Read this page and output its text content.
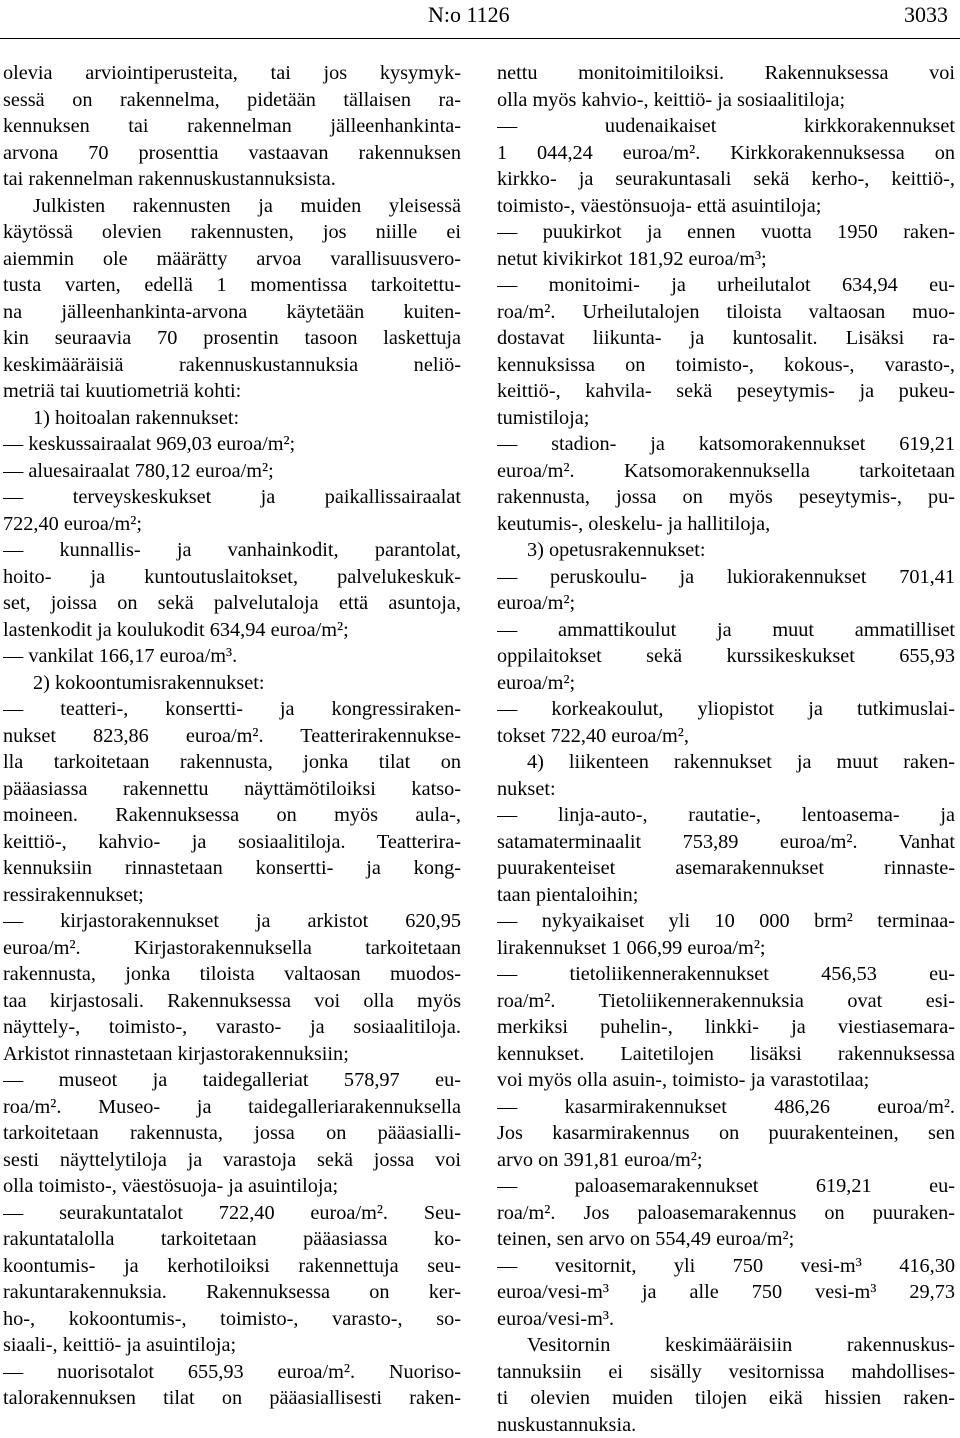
N:o 1126	3033
olevia arviointiperusteita, tai jos kysymyk-
sessä on rakennelma, pidetään tällaisen ra-
kennuksen tai rakennelman jälleenhankinta-
arvona 70 prosenttia vastaavan rakennuksen
tai rakennelman rakennuskustannuksista.
Julkisten rakennusten ja muiden yleisessä
käytössä olevien rakennusten, jos niille ei
aiemmin ole määrätty arvoa varallisuusvero-
tusta varten, edellä 1 momentissa tarkoitettu-
na jälleenhankinta-arvona käytetään kuiten-
kin seuraavia 70 prosentin tasoon laskettuja
keskimääräisiä rakennuskustannuksia neliö-
metriä tai kuutiometriä kohti:
1) hoitoalan rakennukset:
— keskussairaalat 969,03 euroa/m²;
— aluesairaalat 780,12 euroa/m²;
— terveyskeskukset ja paikallissairaalat
722,40 euroa/m²;
— kunnallis- ja vanhainkodit, parantolat,
hoito- ja kuntoutuslaitokset, palvelukeskuk-
set, joissa on sekä palvelutaloja että asuntoja,
lastenkodit ja koulukodit 634,94 euroa/m²;
— vankilat 166,17 euroa/m³.
2) kokoontumisrakennukset:
— teatteri-, konsertti- ja kongressiraken-
nukset 823,86 euroa/m². Teatterirakennukse-
lla tarkoitetaan rakennusta, jonka tilat on
pääasiassa rakennettu näyttämötiloiksi katso-
moineen. Rakennuksessa on myös aula-,
keittiö-, kahvio- ja sosiaalitiloja. Teatterira-
kennuksiin rinnastetaan konsertti- ja kong-
ressirakennukset;
— kirjastorakennukset ja arkistot 620,95
euroa/m². Kirjastorakennuksella tarkoitetaan
rakennusta, jonka tiloista valtaosan muodos-
taa kirjastosali. Rakennuksessa voi olla myös
näyttely-, toimisto-, varasto- ja sosiaalitiloja.
Arkistot rinnastetaan kirjastorakennuksiin;
— museot ja taidegalleriat 578,97 eu-
roa/m². Museo- ja taidegalleriarakennuksella
tarkoitetaan rakennusta, jossa on pääasialli-
sesti näyttelytiloja ja varastoja sekä jossa voi
olla toimisto-, väestösuoja- ja asuintiloja;
— seurakuntatalot 722,40 euroa/m². Seu-
rakuntatalolla tarkoitetaan pääasiassa ko-
koontumis- ja kerhotiloiksi rakennettuja seu-
rakuntarakennuksia. Rakennuksessa on ker-
ho-, kokoontumis-, toimisto-, varasto-, so-
siaali-, keittiö- ja asuintiloja;
— nuorisotalot 655,93 euroa/m². Nuoriso-
talorakennuksen tilat on pääasiallisesti raken-
nettu monitoimitiloiksi. Rakennuksessa voi
olla myös kahvio-, keittiö- ja sosiaalitiloja;
— uudenaikaiset kirkkorakennukset
1 044,24 euroa/m². Kirkkorakennuksessa on
kirkko- ja seurakuntasali sekä kerho-, keittiö-,
toimisto-, väestönsuoja- että asuintiloja;
— puukirkot ja ennen vuotta 1950 raken-
netut kivikirkot 181,92 euroa/m³;
— monitoimi- ja urheilutalot 634,94 eu-
roa/m². Urheilutalojen tiloista valtaosan muo-
dostavat liikunta- ja kuntosalit. Lisäksi ra-
kennuksissa on toimisto-, kokous-, varasto-,
keittiö-, kahvila- sekä peseytymis- ja pukeu-
tumistiloja;
— stadion- ja katsomorakennukset 619,21
euroa/m². Katsomorakennuksella tarkoitetaan
rakennusta, jossa on myös peseytymis-, pu-
keutumis-, oleskelu- ja hallitiloja,
3) opetusrakennukset:
— peruskoulu- ja lukiorakennukset 701,41
euroa/m²;
— ammattikoulut ja muut ammatilliset
oppilaitokset sekä kurssikeskukset 655,93
euroa/m²;
— korkeakoulut, yliopistot ja tutkimuslai-
tokset 722,40 euroa/m²,
4) liikenteen rakennukset ja muut raken-
nukset:
— linja-auto-, rautatie-, lentoasema- ja
satamaterminaalit 753,89 euroa/m². Vanhat
puurakenteiset asemarakennukset rinnaste-
taan pientaloihin;
— nykyaikaiset yli 10 000 brm² terminaa-
lirakennukset 1 066,99 euroa/m²;
— tietoliikennerakennukset 456,53 eu-
roa/m². Tietoliikennerakennuksia ovat esi-
merkiksi puhelin-, linkki- ja viestiasemara-
kennukset. Laitetilojen lisäksi rakennuksessa
voi myös olla asuin-, toimisto- ja varastotilaa;
— kasarmirakennukset 486,26 euroa/m².
Jos kasarmirakennus on puurakenteinen, sen
arvo on 391,81 euroa/m²;
— paloasemarakennukset 619,21 eu-
roa/m². Jos paloasemarakennus on puuraken-
teinen, sen arvo on 554,49 euroa/m²;
— vesitornit, yli 750 vesi-m³ 416,30
euroa/vesi-m³ ja alle 750 vesi-m³ 29,73
euroa/vesi-m³.
Vesitornin keskimääräisiin rakennuskus-
tannuksiin ei sisälly vesitornissa mahdollises-
ti olevien muiden tilojen eikä hissien raken-
nuskustannuksia.
